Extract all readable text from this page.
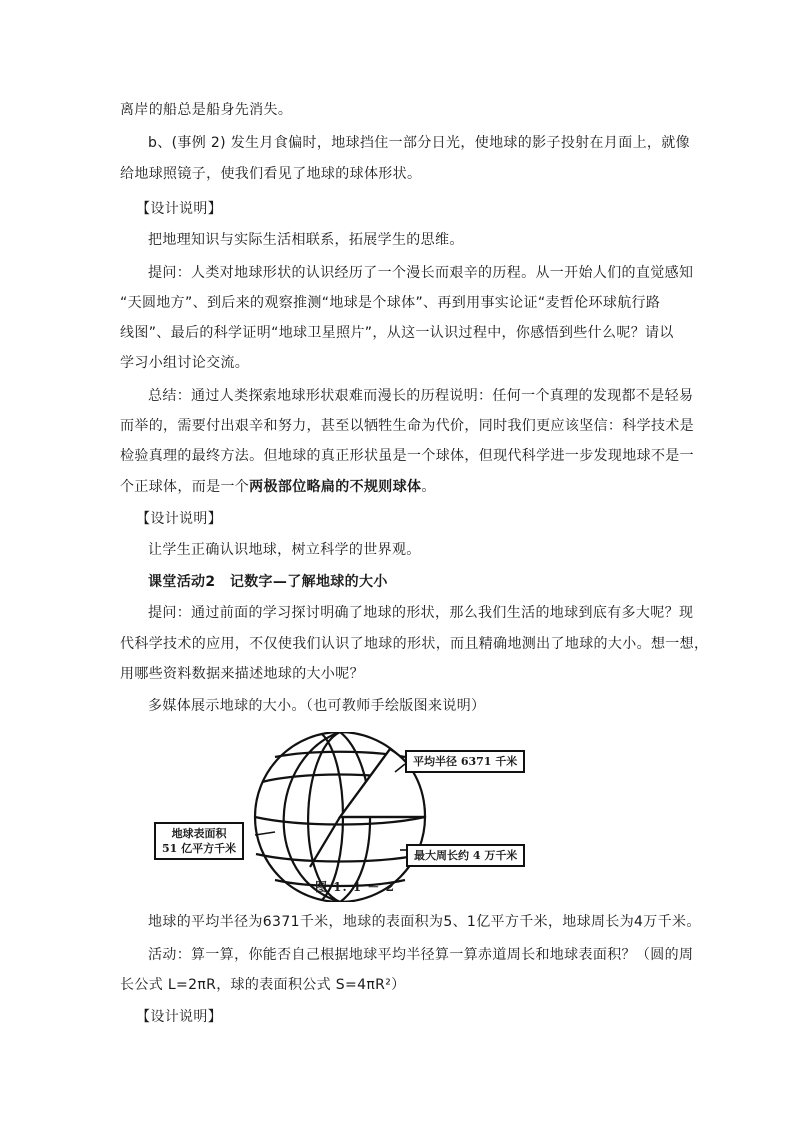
离岸的船总是船身先消失。
b、(事例 2) 发生月食偏时，地球挡住一部分日光，使地球的影子投射在月面上，就像
给地球照镜子，使我们看见了地球的球体形状。
【设计说明】
把地理知识与实际生活相联系，拓展学生的思维。
提问：人类对地球形状的认识经历了一个漫长而艰辛的历程。从一开始人们的直觉感知
“天圆地方”、到后来的观察推测“地球是个球体”、再到用事实论证“麦哲伦环球航行路
线图”、最后的科学证明“地球卫星照片”，从这一认识过程中，你感悟到些什么呢？请以
学习小组讨论交流。
总结：通过人类探索地球形状艰难而漫长的历程说明：任何一个真理的发现都不是轻易
而举的，需要付出艰辛和努力，甚至以牺牲生命为代价，同时我们更应该坚信：科学技术是
检验真理的最终方法。但地球的真正形状虽是一个球体，但现代科学进一步发现地球不是一
个正球体，而是一个两极部位略扁的不规则球体。
【设计说明】
让学生正确认识地球，树立科学的世界观。
课堂活动2　记数字—了解地球的大小
提问：通过前面的学习探讨明确了地球的形状，那么我们生活的地球到底有多大呢？现
代科学技术的应用，不仅使我们认识了地球的形状，而且精确地测出了地球的大小。想一想，
用哪些资料数据来描述地球的大小呢？
多媒体展示地球的大小。（也可教师手绘版图来说明）
平均半径 6371 千米
地球表面积
51 亿平方千米
最大周长约 4 万千米
图 1. 1 － 2
地球的平均半径为6371千米，地球的表面积为5、1亿平方千米，地球周长为4万千米。
活动：算一算，你能否自己根据地球平均半径算一算赤道周长和地球表面积？（圆的周
长公式 L=2πR，球的表面积公式 S=4πR²）
【设计说明】
